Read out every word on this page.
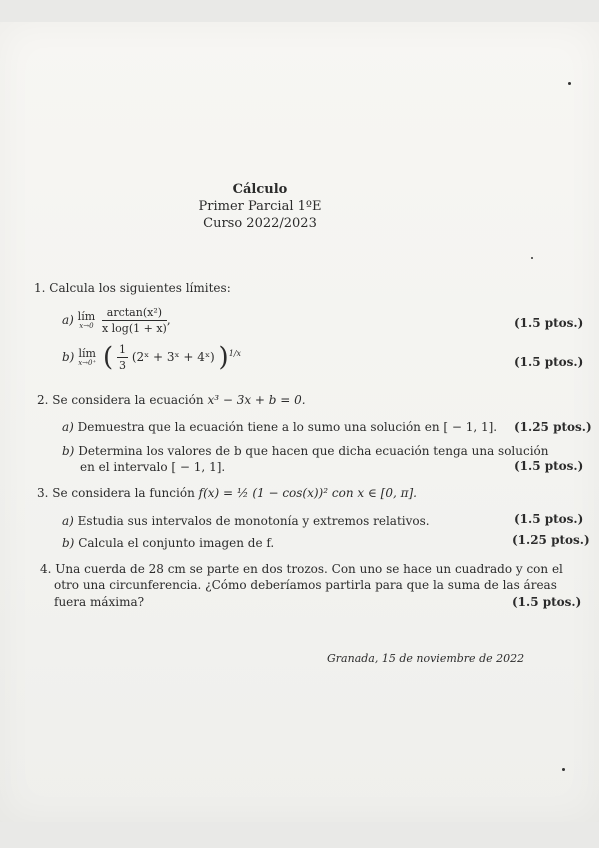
Cálculo
Primer Parcial 1ºE
Curso 2022/2023
1. Calcula los siguientes límites:
a) lím
x→0
$\frac{\text{arctan(x²)}}{\text{x log(1 + x)}}$ ,	(1.5 ptos.)
b) lím
x→0⁺ ( $\frac{1}{3}$ (2ˣ + 3ˣ + 4ˣ) )$^{1/x}$
(1.5 ptos.)
2. Se considera la ecuación x³ − 3x + b = 0.
a) Demuestra que la ecuación tiene a lo sumo una solución en [ − 1, 1]. (1.25 ptos.)
b) Determina los valores de b que hacen que dicha ecuación tenga una solución
en el intervalo [ − 1, 1].	(1.5 ptos.)
3. Se considera la función f(x) = ½ (1 − cos(x))² con x ∈ [0, π].
a) Estudia sus intervalos de monotonía y extremos relativos.	(1.5 ptos.)
b) Calcula el conjunto imagen de f.	(1.25 ptos.)
4. Una cuerda de 28 cm se parte en dos trozos. Con uno se hace un cuadrado y con el
otro una circunferencia. ¿Cómo deberíamos partirla para que la suma de las áreas
fuera máxima?	(1.5 ptos.)
Granada, 15 de noviembre de 2022
